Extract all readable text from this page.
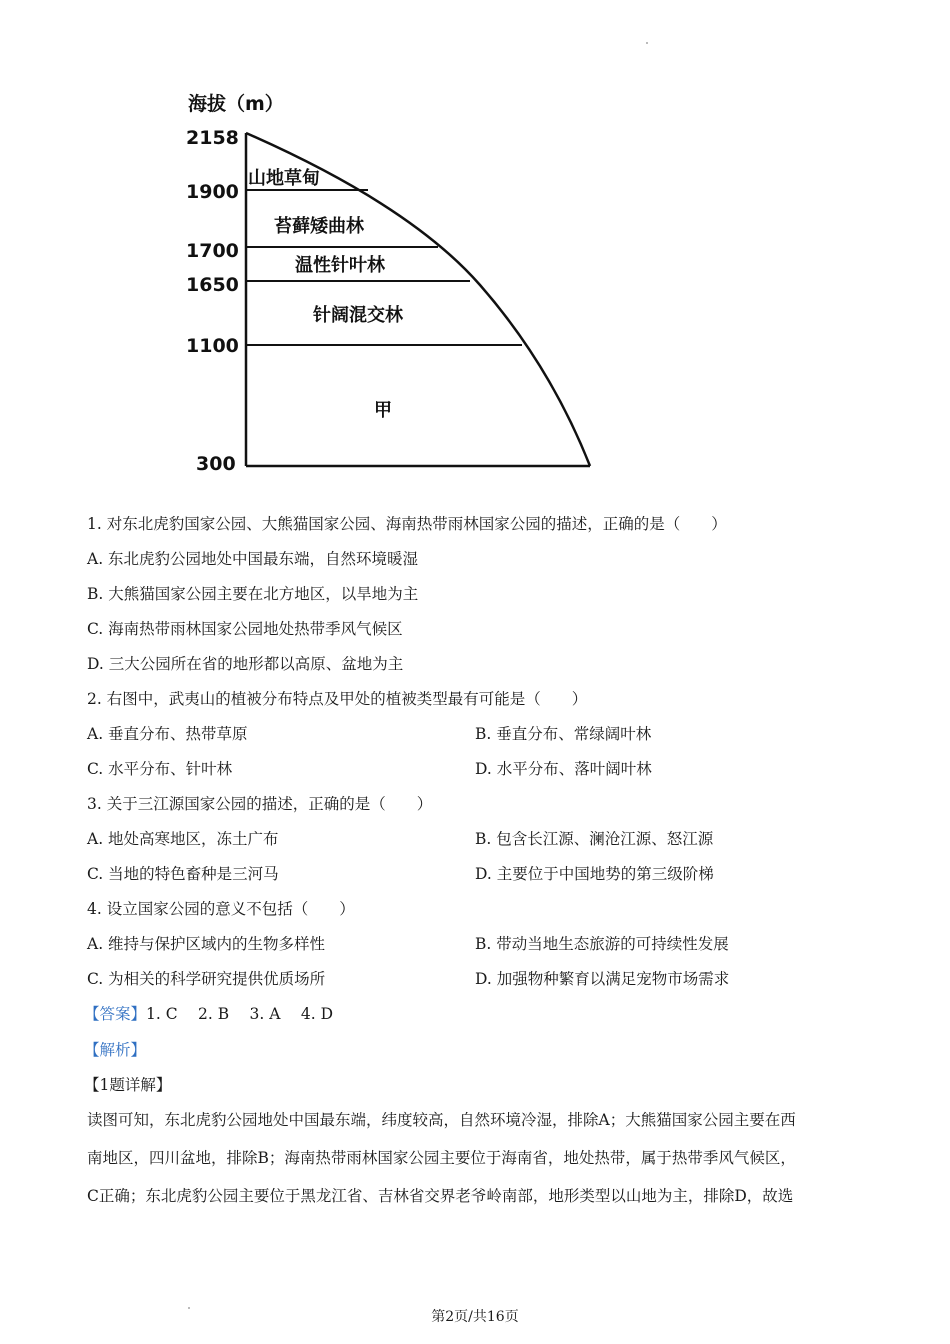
海拔（m）
2158
1900
1700
1650
1100
300
山地草甸
苔藓矮曲林
温性针叶林
针阔混交林
甲
1. 对东北虎豹国家公园、大熊猫国家公园、海南热带雨林国家公园的描述，正确的是（　　）
A. 东北虎豹公园地处中国最东端，自然环境暖湿
B. 大熊猫国家公园主要在北方地区，以旱地为主
C. 海南热带雨林国家公园地处热带季风气候区
D. 三大公园所在省的地形都以高原、盆地为主
2. 右图中，武夷山的植被分布特点及甲处的植被类型最有可能是（　　）
A. 垂直分布、热带草原	B. 垂直分布、常绿阔叶林
C. 水平分布、针叶林	D. 水平分布、落叶阔叶林
3. 关于三江源国家公园的描述，正确的是（　　）
A. 地处高寒地区，冻土广布	B. 包含长江源、澜沧江源、怒江源
C. 当地的特色畜种是三河马	D. 主要位于中国地势的第三级阶梯
4. 设立国家公园的意义不包括（　　）
A. 维持与保护区域内的生物多样性	B. 带动当地生态旅游的可持续性发展
C. 为相关的科学研究提供优质场所	D. 加强物种繁育以满足宠物市场需求
【答案】1. C　 2. B　 3. A　 4. D
【解析】
【1题详解】
读图可知，东北虎豹公园地处中国最东端，纬度较高，自然环境冷湿，排除A；大熊猫国家公园主要在西
南地区，四川盆地，排除B；海南热带雨林国家公园主要位于海南省，地处热带，属于热带季风气候区，
C正确；东北虎豹公园主要位于黑龙江省、吉林省交界老爷岭南部，地形类型以山地为主，排除D，故选
第2页/共16页
